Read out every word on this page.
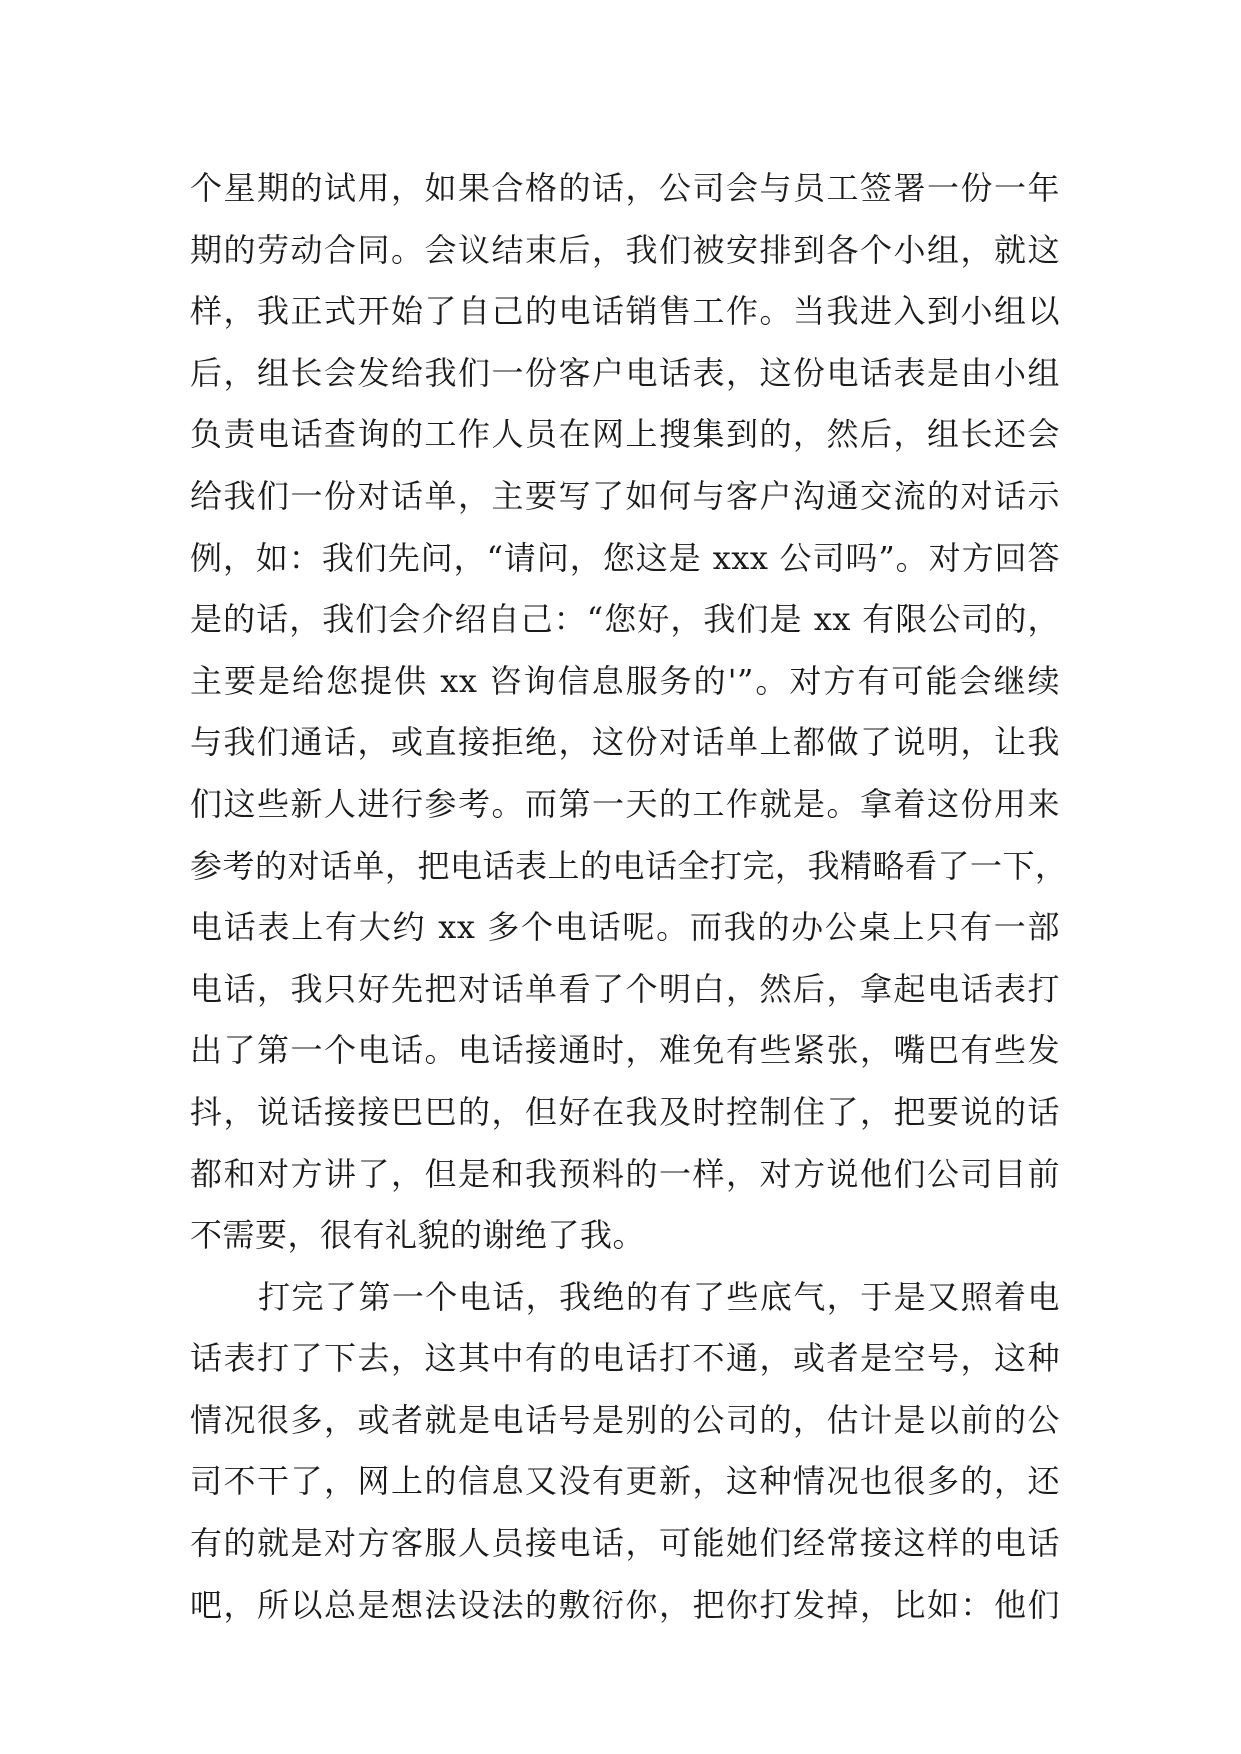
个星期的试用，如果合格的话，公司会与员工签署一份一年
期的劳动合同。会议结束后，我们被安排到各个小组，就这
样，我正式开始了自己的电话销售工作。当我进入到小组以
后，组长会发给我们一份客户电话表，这份电话表是由小组
负责电话查询的工作人员在网上搜集到的，然后，组长还会
给我们一份对话单，主要写了如何与客户沟通交流的对话示
例，如：我们先问，“请问，您这是 xxx 公司吗”。对方回答
是的话，我们会介绍自己：“您好，我们是 xx 有限公司的，
主要是给您提供 xx 咨询信息服务的'”。对方有可能会继续
与我们通话，或直接拒绝，这份对话单上都做了说明，让我
们这些新人进行参考。而第一天的工作就是。拿着这份用来
参考的对话单，把电话表上的电话全打完，我精略看了一下，
电话表上有大约 xx 多个电话呢。而我的办公桌上只有一部
电话，我只好先把对话单看了个明白，然后，拿起电话表打
出了第一个电话。电话接通时，难免有些紧张，嘴巴有些发
抖，说话接接巴巴的，但好在我及时控制住了，把要说的话
都和对方讲了，但是和我预料的一样，对方说他们公司目前
不需要，很有礼貌的谢绝了我。
打完了第一个电话，我绝的有了些底气，于是又照着电
话表打了下去，这其中有的电话打不通，或者是空号，这种
情况很多，或者就是电话号是别的公司的，估计是以前的公
司不干了，网上的信息又没有更新，这种情况也很多的，还
有的就是对方客服人员接电话，可能她们经常接这样的电话
吧，所以总是想法设法的敷衍你，把你打发掉，比如：他们
